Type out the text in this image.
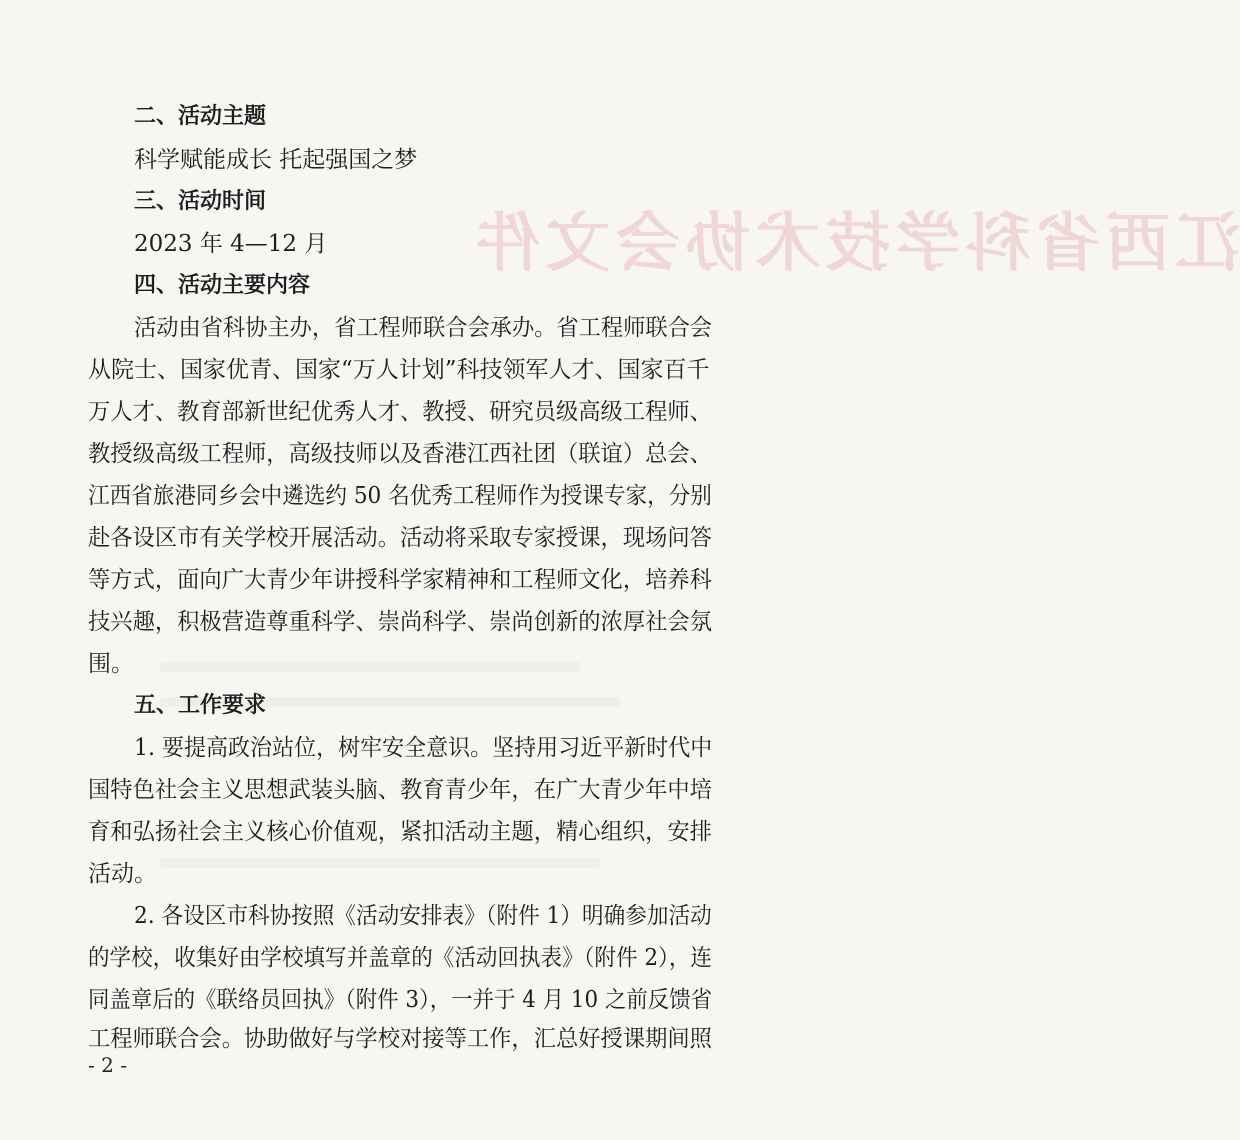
江西省科学技术协会文件
二、活动主题
科学赋能成长 托起强国之梦
三、活动时间
2023 年 4—12 月
四、活动主要内容
活动由省科协主办，省工程师联合会承办。省工程师联合会
从院士、国家优青、国家“万人计划”科技领军人才、国家百千
万人才、教育部新世纪优秀人才、教授、研究员级高级工程师、
教授级高级工程师，高级技师以及香港江西社团（联谊）总会、
江西省旅港同乡会中遴选约 50 名优秀工程师作为授课专家，分别
赴各设区市有关学校开展活动。活动将采取专家授课，现场问答
等方式，面向广大青少年讲授科学家精神和工程师文化，培养科
技兴趣，积极营造尊重科学、崇尚科学、崇尚创新的浓厚社会氛
围。
五、工作要求
1. 要提高政治站位，树牢安全意识。坚持用习近平新时代中
国特色社会主义思想武装头脑、教育青少年，在广大青少年中培
育和弘扬社会主义核心价值观，紧扣活动主题，精心组织，安排
活动。
2. 各设区市科协按照《活动安排表》（附件 1）明确参加活动
的学校，收集好由学校填写并盖章的《活动回执表》（附件 2），连
同盖章后的《联络员回执》（附件 3），一并于 4 月 10 之前反馈省
工程师联合会。协助做好与学校对接等工作，汇总好授课期间照
- 2 -
